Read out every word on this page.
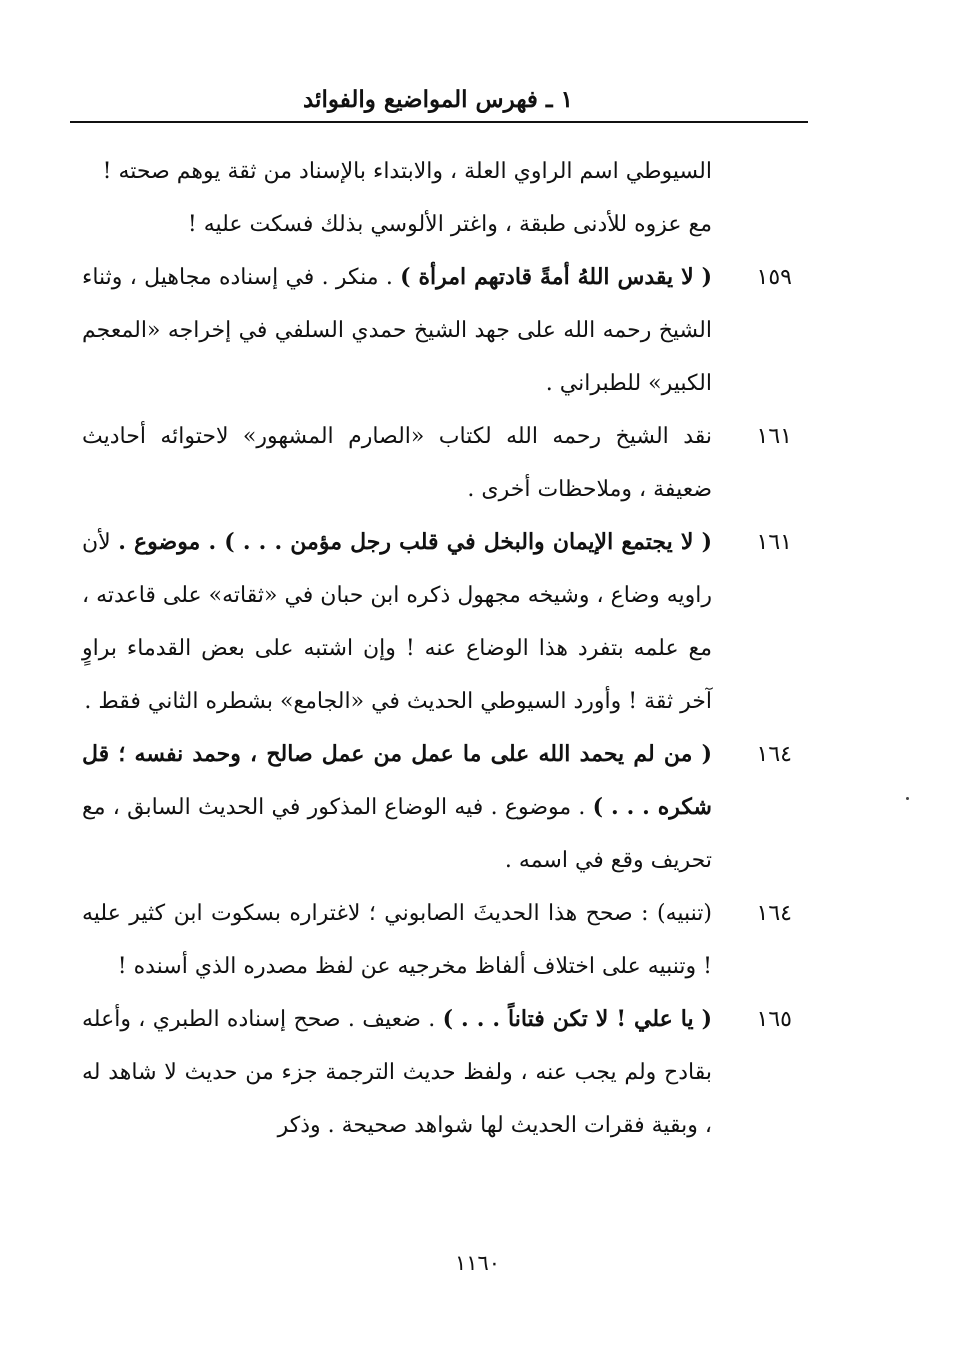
١ ـ فهرس المواضيع والفوائد
السيوطي اسم الراوي العلة ، والابتداء بالإسناد من ثقة يوهم صحته ! مع عزوه للأدنى طبقة ، واغتر الألوسي بذلك فسكت عليه !
١٥٩
( لا يقدس اللهُ أمةً قادتهم امرأة ) . منكر . في إسناده مجاهيل ، وثناء الشيخ رحمه الله على جهد الشيخ حمدي السلفي في إخراجه «المعجم الكبير» للطبراني .
١٦١
نقد الشيخ رحمه الله لكتاب «الصارم المشهور» لاحتوائه أحاديث ضعيفة ، وملاحظات أخرى .
١٦١
( لا يجتمع الإيمان والبخل في قلب رجل مؤمن . . . ) . موضوع . لأن راويه وضاع ، وشيخه مجهول ذكره ابن حبان في «ثقاته» على قاعدته ، مع علمه بتفرد هذا الوضاع عنه ! وإن اشتبه على بعض القدماء براوٍ آخر ثقة ! وأورد السيوطي الحديث في «الجامع» بشطره الثاني فقط .
١٦٤
( من لم يحمد الله على ما عمل من عمل صالح ، وحمد نفسه ؛ قل شكره . . . ) . موضوع . فيه الوضاع المذكور في الحديث السابق ، مع تحريف وقع في اسمه .
١٦٤
(تنبيه) : صحح هذا الحديثَ الصابوني ؛ لاغتراره بسكوت ابن كثير عليه ! وتنبيه على اختلاف ألفاظ مخرجيه عن لفظ مصدره الذي أسنده !
١٦٥
( يا علي ! لا تكن فتاناً . . . ) . ضعيف . صحح إسناده الطبري ، وأعله بقادح ولم يجب عنه ، ولفظ حديث الترجمة جزء من حديث لا شاهد له ، وبقية فقرات الحديث لها شواهد صحيحة . وذكر
١١٦٠
